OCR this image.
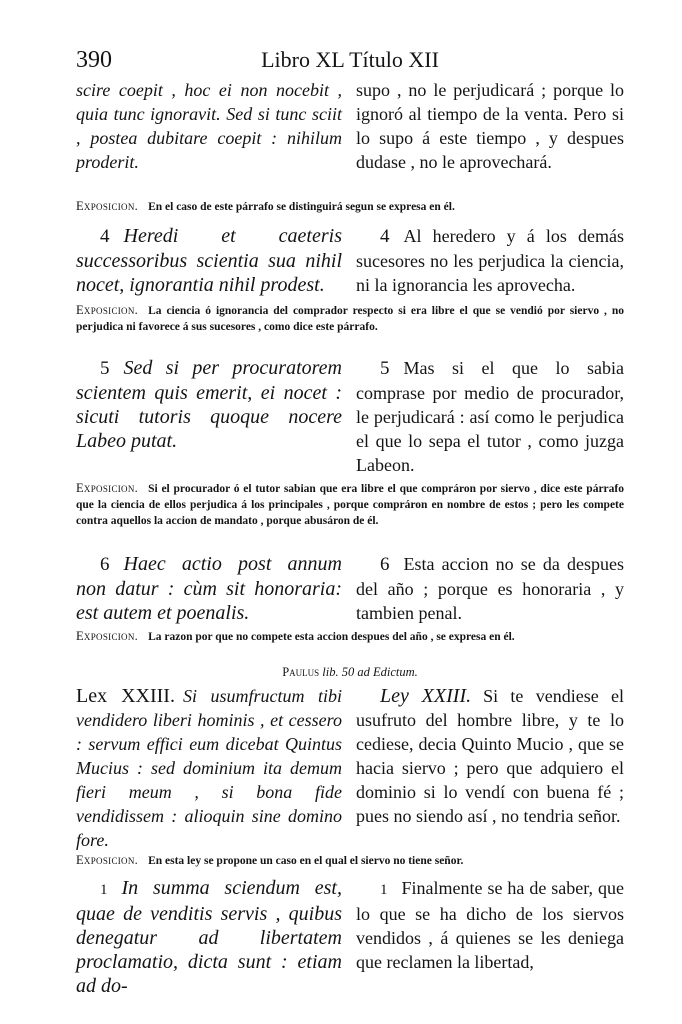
390	Libro XL Título XII

scire coepit , hoc ei non nocebit , quia tunc ignoravit. Sed si tunc sciit , postea dubitare coepit : nihilum proderit.

supo , no le perjudicará ; porque lo ignoró al tiempo de la venta. Pero si lo supo á este tiempo , y despues dudase , no le aprovechará.

Exposicion. En el caso de este párrafo se distinguirá segun se expresa en él.

4 Heredi et caeteris successoribus scientia sua nihil nocet, ignorantia nihil prodest.

4 Al heredero y á los demás sucesores no les perjudica la ciencia, ni la ignorancia les aprovecha.

Exposicion. La ciencia ó ignorancia del comprador respecto si era libre el que se vendió por siervo , no perjudica ni favorece á sus sucesores , como dice este párrafo.

5 Sed si per procuratorem scientem quis emerit, ei nocet : sicuti tutoris quoque nocere Labeo putat.

5 Mas si el que lo sabia comprase por medio de procurador, le perjudicará : así como le perjudica el que lo sepa el tutor , como juzga Labeon.

Exposicion. Si el procurador ó el tutor sabian que era libre el que compráron por siervo , dice este párrafo que la ciencia de ellos perjudica á los principales , porque compráron en nombre de estos ; pero les compete contra aquellos la accion de mandato , porque abusáron de él.

6 Haec actio post annum non datur : cùm sit honoraria: est autem et poenalis.

6 Esta accion no se da despues del año ; porque es honoraria , y tambien penal.

Exposicion. La razon por que no compete esta accion despues del año , se expresa en él.

Paulus lib. 50 ad Edictum.

Lex XXIII. Si usumfructum tibi vendidero liberi hominis , et cessero : servum effici eum dicebat Quintus Mucius : sed dominium ita demum fieri meum , si bona fide vendidissem : alioquin sine domino fore.

Ley XXIII. Si te vendiese el usufruto del hombre libre, y te lo cediese, decia Quinto Mucio , que se hacia siervo ; pero que adquiero el dominio si lo vendí con buena fé ; pues no siendo así , no tendria señor.

Exposicion. En esta ley se propone un caso en el qual el siervo no tiene señor.

1 In summa sciendum est, quae de venditis servis , quibus denegatur ad libertatem proclamatio, dicta sunt : etiam ad do-

1 Finalmente se ha de saber, que lo que se ha dicho de los siervos vendidos , á quienes se les deniega que reclamen la libertad,
